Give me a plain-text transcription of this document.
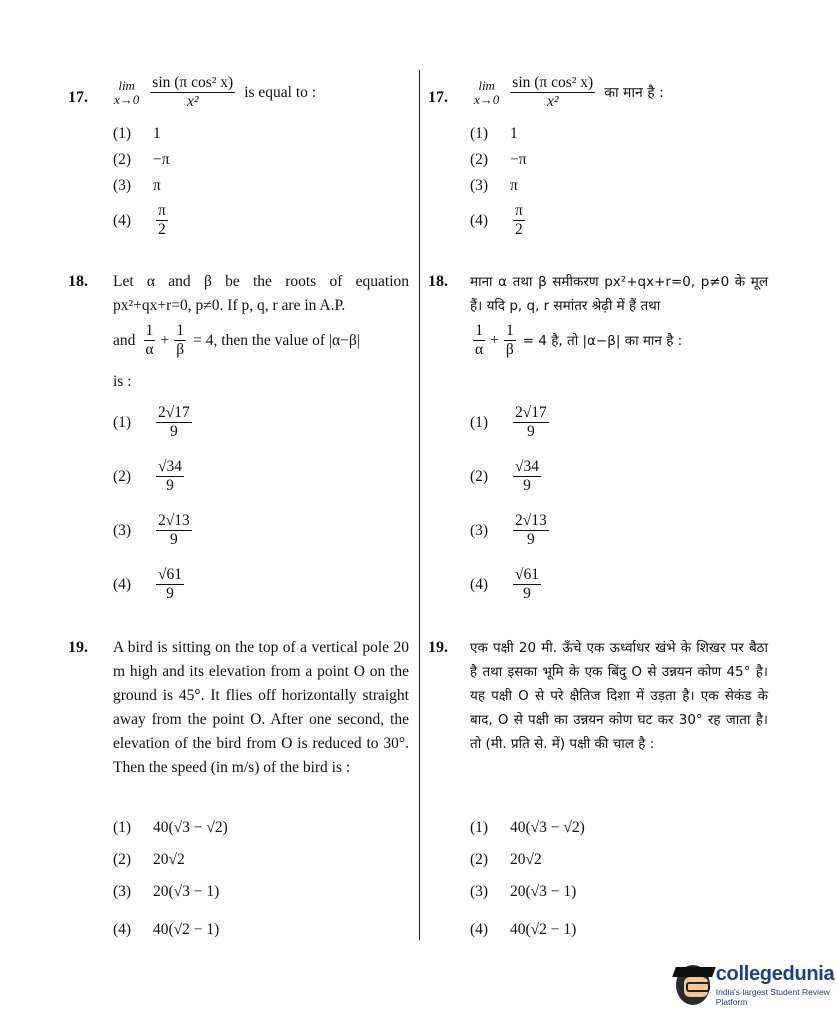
17.
lim
$x\to 0 \frac{\text{sin (π cos² x)}}{\text{x²}}$ is equal to :
(1)	1
(2)	−π
(3)	π
(4)	$\frac{\pi}{2}$
18. Let α and β be the roots of equation px²+qx+r=0, p≠0. If p, q, r are in A.P.
and $\frac{1}{\alpha} + \frac{1}{\beta} = 4$, then the value of |α−β|
is :
(1)	$\frac{2√17}{9}$
(2)	$\frac{√34}{9}$
(3)	$\frac{2√13}{9}$
(4)	$\frac{√61}{9}$
19. A bird is sitting on the top of a vertical pole 20 m high and its elevation from a point O on the ground is 45°. It flies off horizontally straight away from the point O. After one second, the elevation of the bird from O is reduced to 30°. Then the speed (in m/s) of the bird is :
(1)	40(√3 − √2)
(2)	20√2
(3)	20(√3 − 1)
(4)	40(√2 − 1)
17.
lim
$x\to 0 \frac{\text{sin (π cos² x)}}{\text{x²}}$ का मान है :
(1)	1
(2)	−π
(3)	π
(4)	$\frac{\pi}{2}$
18. माना α तथा β समीकरण px²+qx+r=0, p≠0 के मूल हैं। यदि p, q, r समांतर श्रेढ़ी में हैं तथा
$\frac{1}{\alpha} + \frac{1}{\beta} = 4$ है, तो |α−β| का मान है :
(1)	$\frac{2√17}{9}$
(2)	$\frac{√34}{9}$
(3)	$\frac{2√13}{9}$
(4)	$\frac{√61}{9}$
19. एक पक्षी 20 मी. ऊँचे एक ऊर्ध्वाधर खंभे के शिखर पर बैठा है तथा इसका भूमि के एक बिंदु O से उन्नयन कोण 45° है। यह पक्षी O से परे क्षैतिज दिशा में उड़ता है। एक सेकंड के बाद, O से पक्षी का उन्नयन कोण घट कर 30° रह जाता है। तो (मी. प्रति से. में) पक्षी की चाल है :
(1)	40(√3 − √2)
(2)	20√2
(3)	20(√3 − 1)
(4)	40(√2 − 1)
collegedunia
India's largest Student Review Platform
